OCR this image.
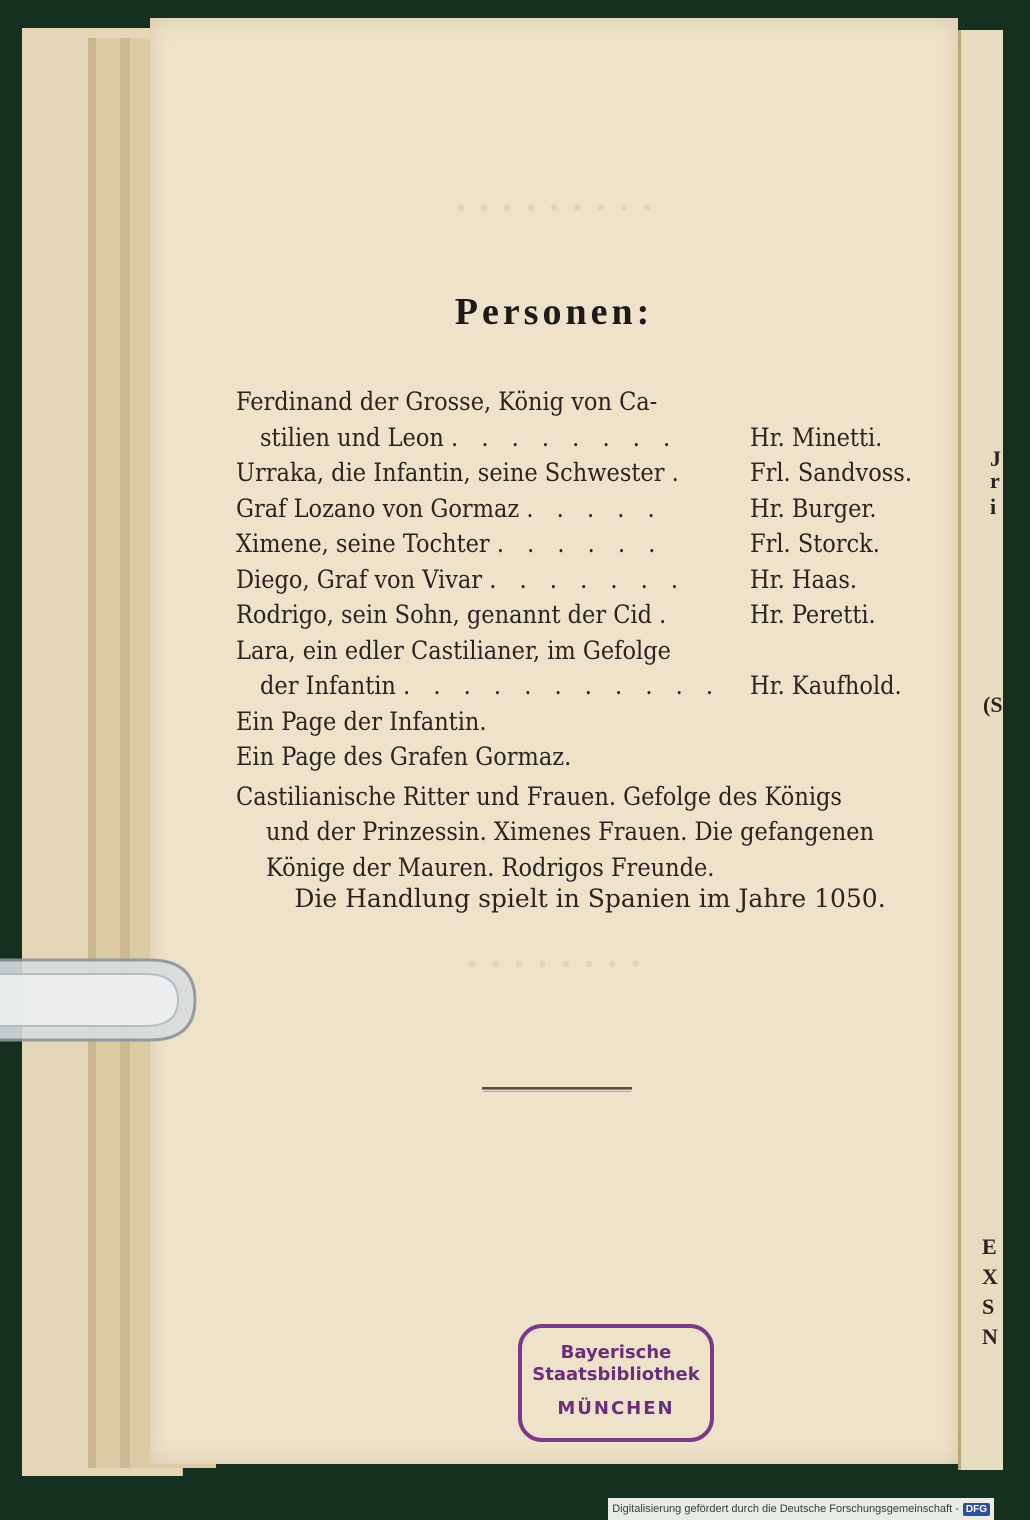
J
r
i
(S
E
X
S
N
· · · · · · · · ·
· · · · · · · ·
Personen:
Ferdinand der Grosse, König von Ca-
stilien und Leon . . . . . . . .	Hr. Minetti.
Urraka, die Infantin, seine Schwester .	Frl. Sandvoss.
Graf Lozano von Gormaz . . . . .	Hr. Burger.
Ximene, seine Tochter . . . . . .	Frl. Storck.
Diego, Graf von Vivar . . . . . . .	Hr. Haas.
Rodrigo, sein Sohn, genannt der Cid .	Hr. Peretti.
Lara, ein edler Castilianer, im Gefolge
der Infantin . . . . . . . . . . .	Hr. Kaufhold.
Ein Page der Infantin.
Ein Page des Grafen Gormaz.
Castilianische Ritter und Frauen. Gefolge des Königs
und der Prinzessin. Ximenes Frauen. Die gefangenen
Könige der Mauren. Rodrigos Freunde.
Die Handlung spielt in Spanien im Jahre 1050.
Bayerische
Staatsbibliothek
MÜNCHEN
Digitalisierung gefördert durch die Deutsche Forschungsgemeinschaft - DFG
